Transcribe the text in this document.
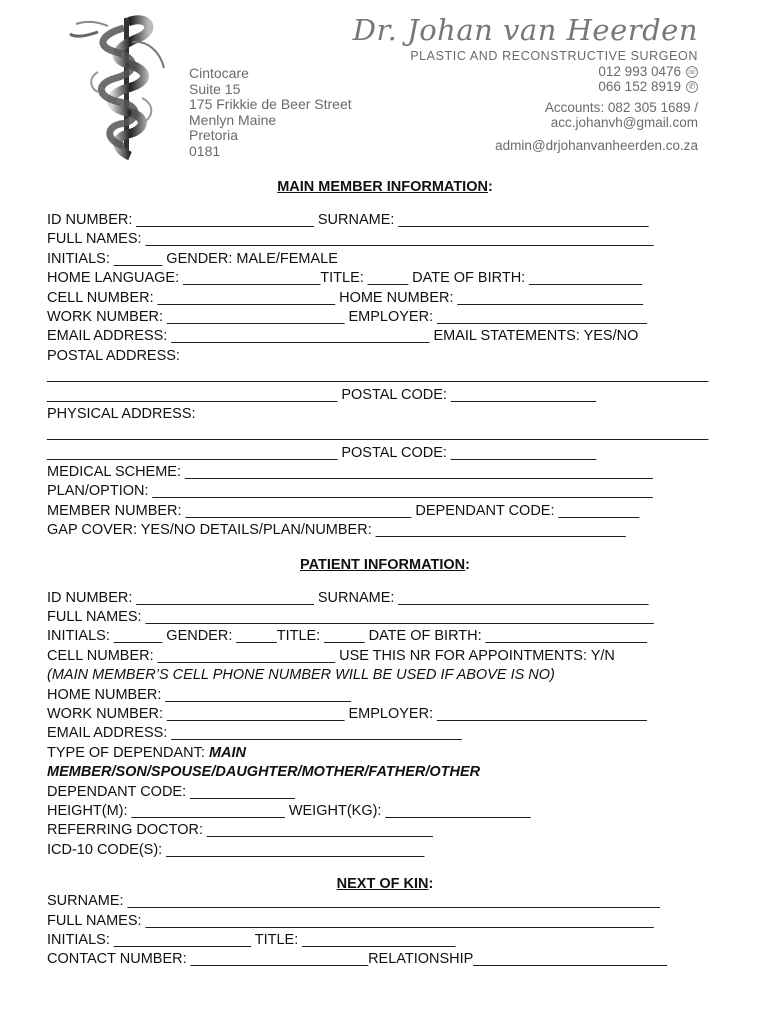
Cintocare
Suite 15
175 Frikkie de Beer Street
Menlyn Maine
Pretoria
0181
Dr. Johan van Heerden
PLASTIC AND RECONSTRUCTIVE SURGEON
012 993 0476 ☏
066 152 8919 ✆
Accounts: 082 305 1689 /
acc.johanvh@gmail.com
admin@drjohanvanheerden.co.za
MAIN MEMBER INFORMATION:
ID NUMBER: ______________________ SURNAME: _______________________________
FULL NAMES: _______________________________________________________________
INITIALS: ______ GENDER: MALE/FEMALE
HOME LANGUAGE: _________________TITLE: _____ DATE OF BIRTH: ______________
CELL NUMBER: ______________________ HOME NUMBER: _______________________
WORK NUMBER: ______________________ EMPLOYER: __________________________
EMAIL ADDRESS: ________________________________ EMAIL STATEMENTS: YES/NO
POSTAL ADDRESS:
__________________________________________________________________________________
____________________________________ POSTAL CODE: __________________
PHYSICAL ADDRESS:
__________________________________________________________________________________
____________________________________ POSTAL CODE: __________________
MEDICAL SCHEME: __________________________________________________________
PLAN/OPTION: ______________________________________________________________
MEMBER NUMBER: ____________________________ DEPENDANT CODE: __________
GAP COVER: YES/NO DETAILS/PLAN/NUMBER: _______________________________
PATIENT INFORMATION:
ID NUMBER: ______________________ SURNAME: _______________________________
FULL NAMES: _______________________________________________________________
INITIALS: ______ GENDER: _____TITLE: _____ DATE OF BIRTH: ____________________
CELL NUMBER: ______________________ USE THIS NR FOR APPOINTMENTS: Y/N
(MAIN MEMBER’S CELL PHONE NUMBER WILL BE USED IF ABOVE IS NO)
HOME NUMBER: _______________________
WORK NUMBER: ______________________ EMPLOYER: __________________________
EMAIL ADDRESS: ____________________________________
TYPE OF DEPENDANT: MAIN
MEMBER/SON/SPOUSE/DAUGHTER/MOTHER/FATHER/OTHER
DEPENDANT CODE: _____________
HEIGHT(M): ___________________ WEIGHT(KG): __________________
REFERRING DOCTOR: ____________________________
ICD-10 CODE(S): ________________________________
NEXT OF KIN:
SURNAME: __________________________________________________________________
FULL NAMES: _______________________________________________________________
INITIALS: _________________ TITLE: ___________________
CONTACT NUMBER: ______________________RELATIONSHIP________________________
